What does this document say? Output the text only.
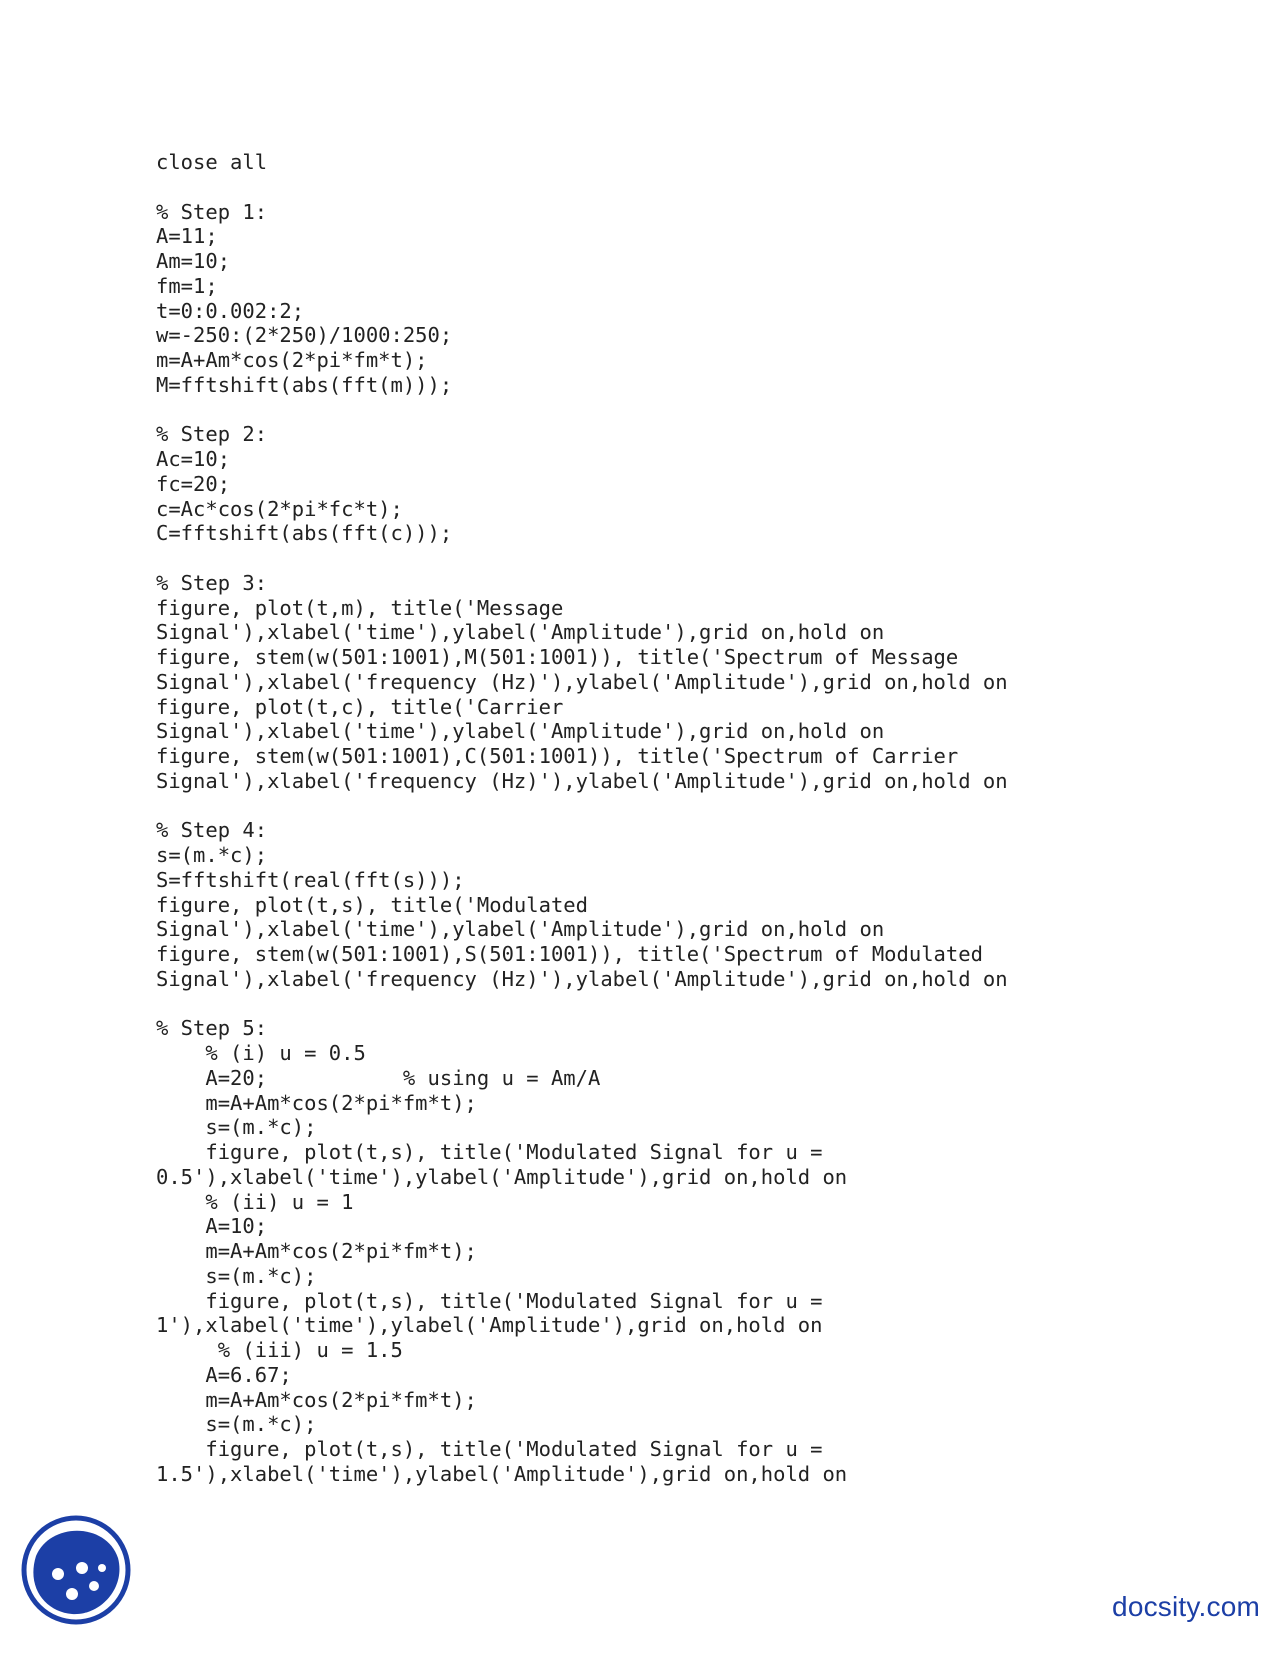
close all
% Step 1:
A=11;
Am=10;
fm=1;
t=0:0.002:2;
w=-250:(2*250)/1000:250;
m=A+Am*cos(2*pi*fm*t);
M=fftshift(abs(fft(m)));
% Step 2:
Ac=10;
fc=20;
c=Ac*cos(2*pi*fc*t);
C=fftshift(abs(fft(c)));
% Step 3:
figure, plot(t,m), title('Message
Signal'),xlabel('time'),ylabel('Amplitude'),grid on,hold on
figure, stem(w(501:1001),M(501:1001)), title('Spectrum of Message
Signal'),xlabel('frequency (Hz)'),ylabel('Amplitude'),grid on,hold on
figure, plot(t,c), title('Carrier
Signal'),xlabel('time'),ylabel('Amplitude'),grid on,hold on
figure, stem(w(501:1001),C(501:1001)), title('Spectrum of Carrier
Signal'),xlabel('frequency (Hz)'),ylabel('Amplitude'),grid on,hold on
% Step 4:
s=(m.*c);
S=fftshift(real(fft(s)));
figure, plot(t,s), title('Modulated
Signal'),xlabel('time'),ylabel('Amplitude'),grid on,hold on
figure, stem(w(501:1001),S(501:1001)), title('Spectrum of Modulated
Signal'),xlabel('frequency (Hz)'),ylabel('Amplitude'),grid on,hold on
% Step 5:
% (i) u = 0.5
A=20;           % using u = Am/A
m=A+Am*cos(2*pi*fm*t);
s=(m.*c);
figure, plot(t,s), title('Modulated Signal for u =
0.5'),xlabel('time'),ylabel('Amplitude'),grid on,hold on
% (ii) u = 1
A=10;
m=A+Am*cos(2*pi*fm*t);
s=(m.*c);
figure, plot(t,s), title('Modulated Signal for u =
1'),xlabel('time'),ylabel('Amplitude'),grid on,hold on
% (iii) u = 1.5
A=6.67;
m=A+Am*cos(2*pi*fm*t);
s=(m.*c);
figure, plot(t,s), title('Modulated Signal for u =
1.5'),xlabel('time'),ylabel('Amplitude'),grid on,hold on
docsity.com
